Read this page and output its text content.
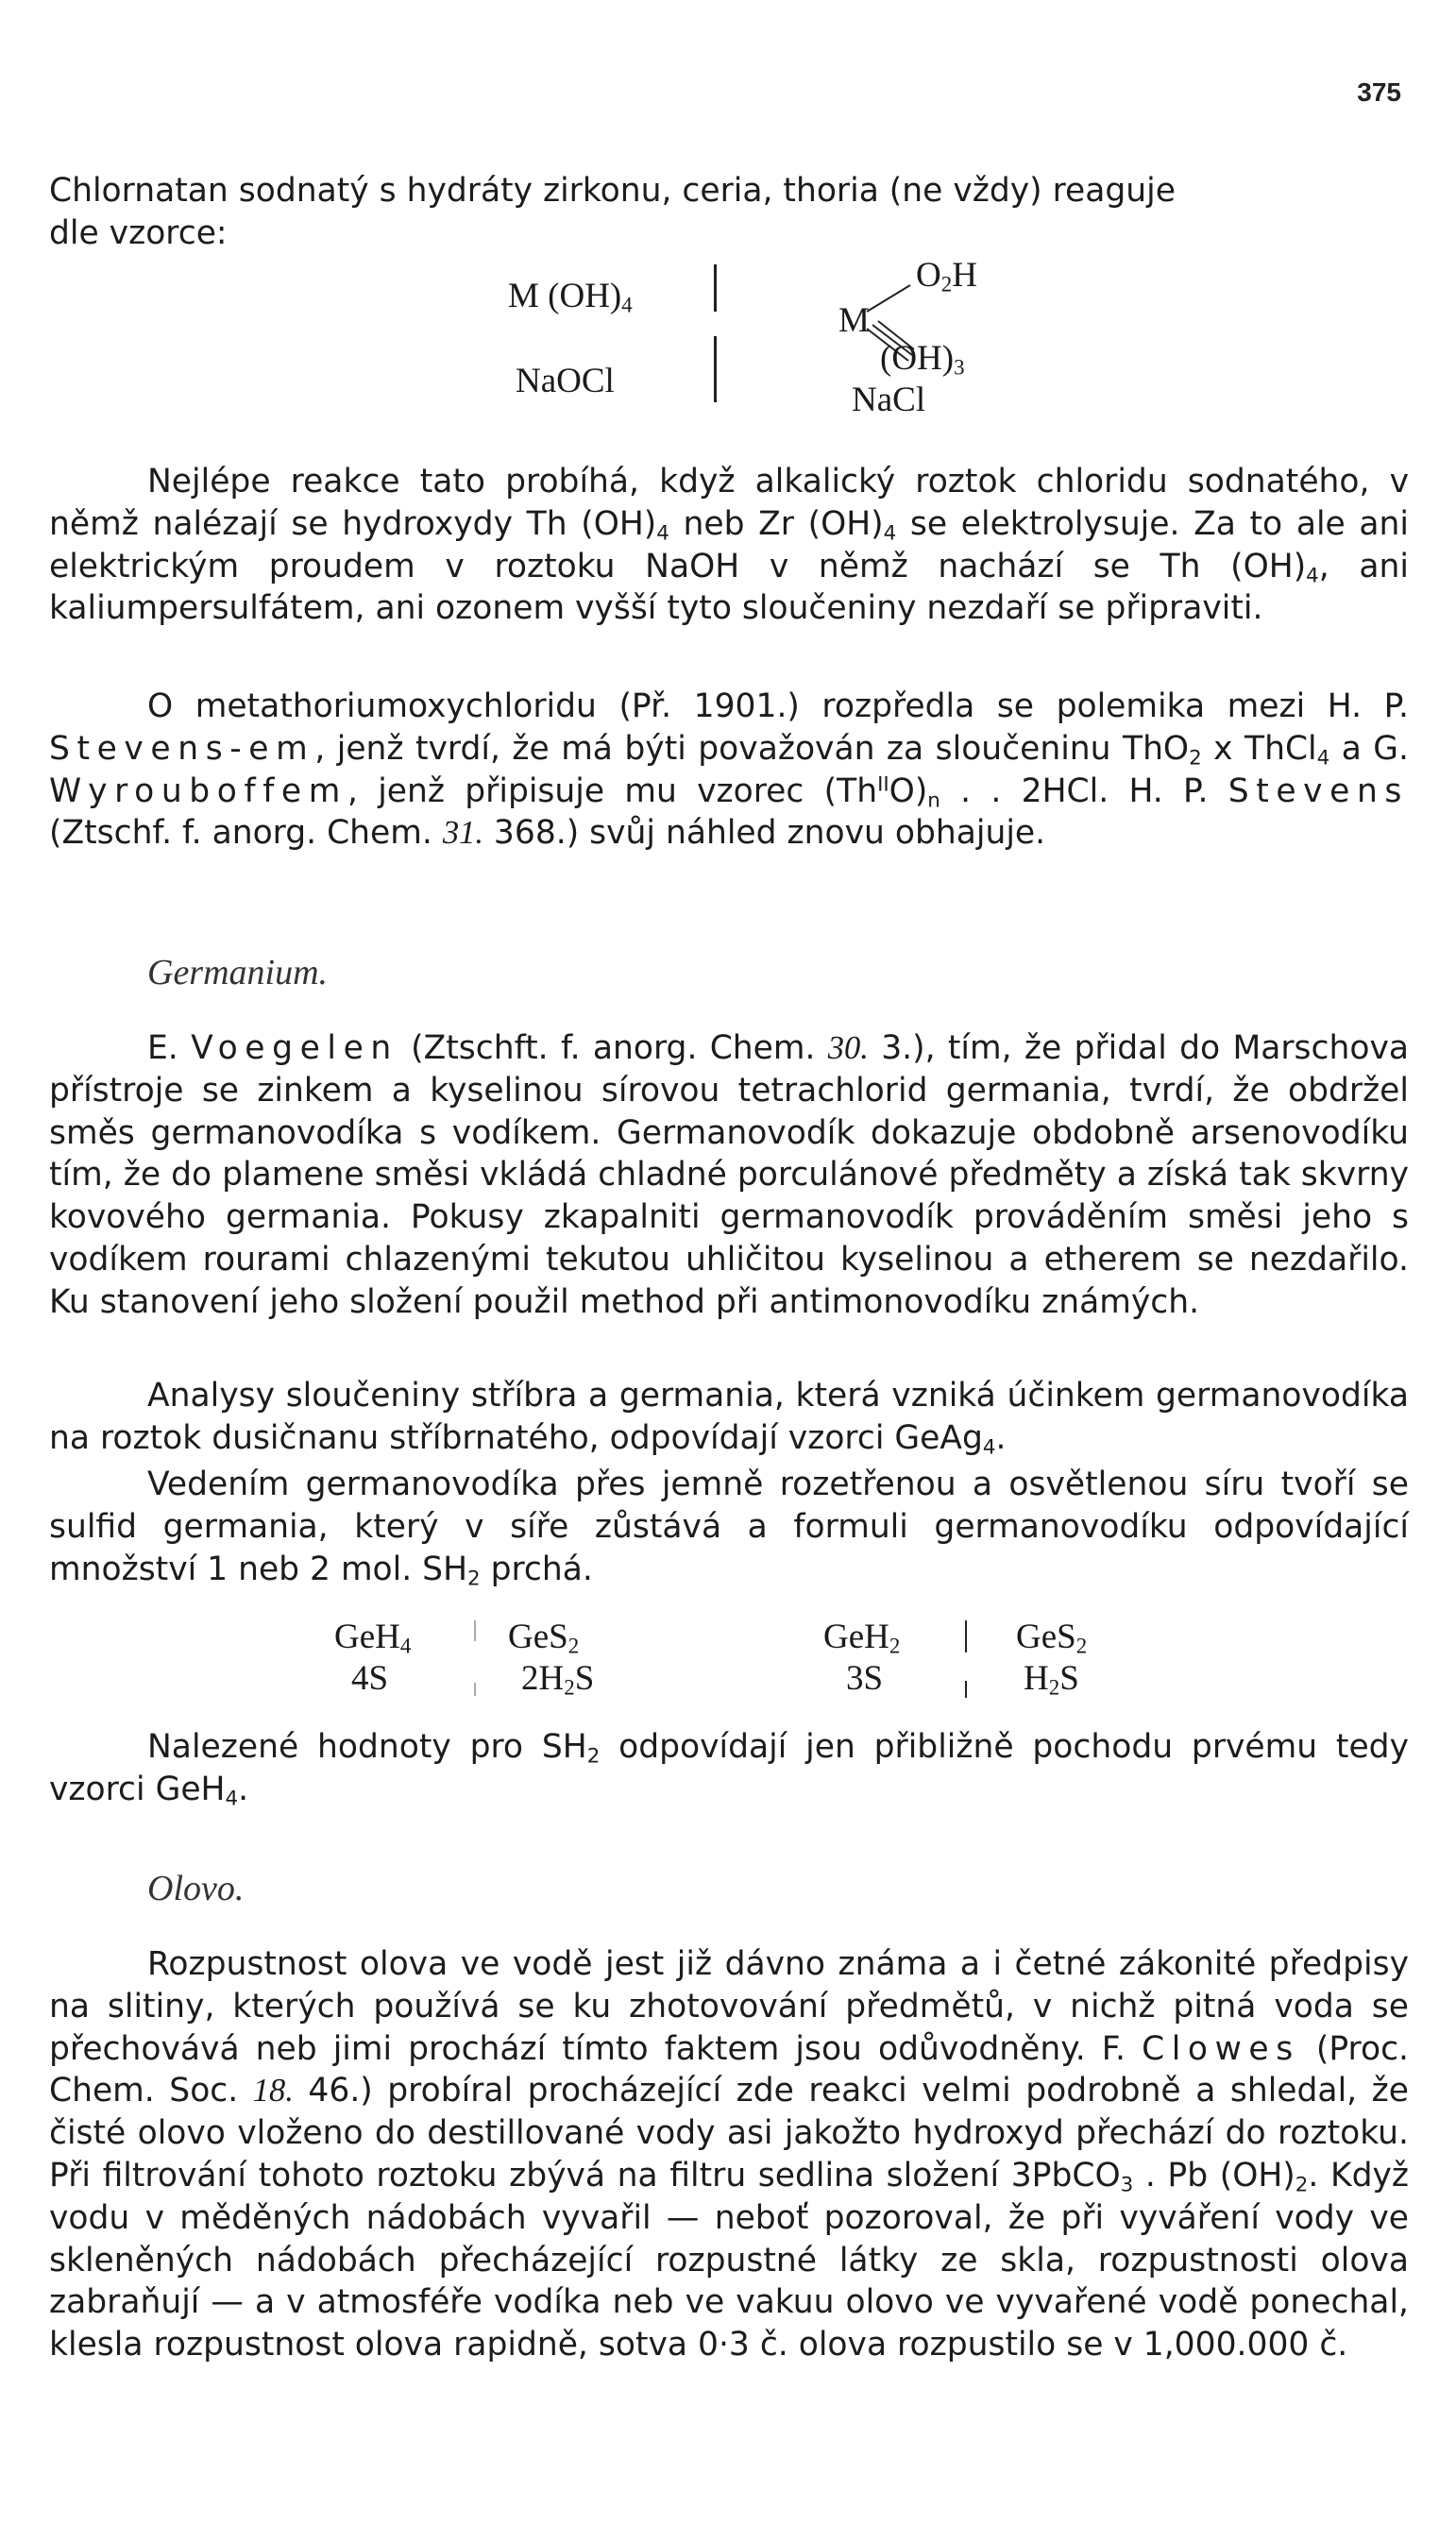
375

Chlornatan sodnatý s hydráty zirkonu, ceria, thoria (ne vždy) reaguje
dle vzorce:

M $(OH)_4$
NaOCl
M
$O_2H$
$(OH)_3$
NaCl

Nejlépe reakce tato probíhá, když alkalický roztok chloridu sodnatého, v němž nalézají se hydroxydy Th $(OH)_4$ neb Zr $(OH)_4$ se elektrolysuje. Za to ale ani elektrickým proudem v roztoku NaOH v němž nachází se Th $(OH)_4$, ani kaliumpersulfátem, ani ozonem vyšší tyto sloučeniny nezdaří se připraviti.

O metathoriumoxychloridu (Př. 1901.) rozpředla se polemika mezi H. P. Stevens-em, jenž tvrdí, že má býti považován za sloučeninu ThO$_2$ x ThCl$_4$ a G. Wyrouboffem, jenž připisuje mu vzorec $(Th^{II}O)_n$ . . 2HCl. H. P. Stevens (Ztschf. f. anorg. Chem. 31. 368.) svůj náhled znovu obhajuje.

Germanium.

E. Voegelen (Ztschft. f. anorg. Chem. 30. 3.), tím, že přidal do Marschova přístroje se zinkem a kyselinou sírovou tetrachlorid germania, tvrdí, že obdržel směs germanovodíka s vodíkem. Germanovodík dokazuje obdobně arsenovodíku tím, že do plamene směsi vkládá chladné porculánové předměty a získá tak skvrny kovového germania. Pokusy zkapalniti germanovodík prováděním směsi jeho s vodíkem rourami chlazenými tekutou uhličitou kyselinou a etherem se nezdařilo. Ku stanovení jeho složení použil method při antimonovodíku známých.

Analysy sloučeniny stříbra a germania, která vzniká účinkem germanovodíka na roztok dusičnanu stříbrnatého, odpovídají vzorci GeAg$_4$.

Vedením germanovodíka přes jemně rozetřenou a osvětlenou síru tvoří se sulfid germania, který v síře zůstává a formuli germanovodíku odpovídající množství 1 neb 2 mol. $SH_2$ prchá.

GeH$_4$
4S
GeS$_2$
$2H_2S$
GeH$_2$
3S
GeS$_2$
$H_2S$

Nalezené hodnoty pro $SH_2$ odpovídají jen přibližně pochodu prvému tedy vzorci GeH$_4$.

Olovo.

Rozpustnost olova ve vodě jest již dávno známa a i četné zákonité předpisy na slitiny, kterých používá se ku zhotovování předmětů, v nichž pitná voda se přechovává neb jimi prochází tímto faktem jsou odůvodněny. F. Clowes (Proc. Chem. Soc. 18. 46.) probíral procházející zde reakci velmi podrobně a shledal, že čisté olovo vloženo do destillované vody asi jakožto hydroxyd přechází do roztoku. Při filtrování tohoto roztoku zbývá na filtru sedlina složení 3PbCO$_3$ . Pb $(OH)_2$. Když vodu v měděných nádobách vyvařil — neboť pozoroval, že při vyváření vody ve skleněných nádobách přecházející rozpustné látky ze skla, rozpustnosti olova zabraňují — a v atmosféře vodíka neb ve vakuu olovo ve vyvařené vodě ponechal, klesla rozpustnost olova rapidně, sotva 0·3 č. olova rozpustilo se v 1,000.000 č.
